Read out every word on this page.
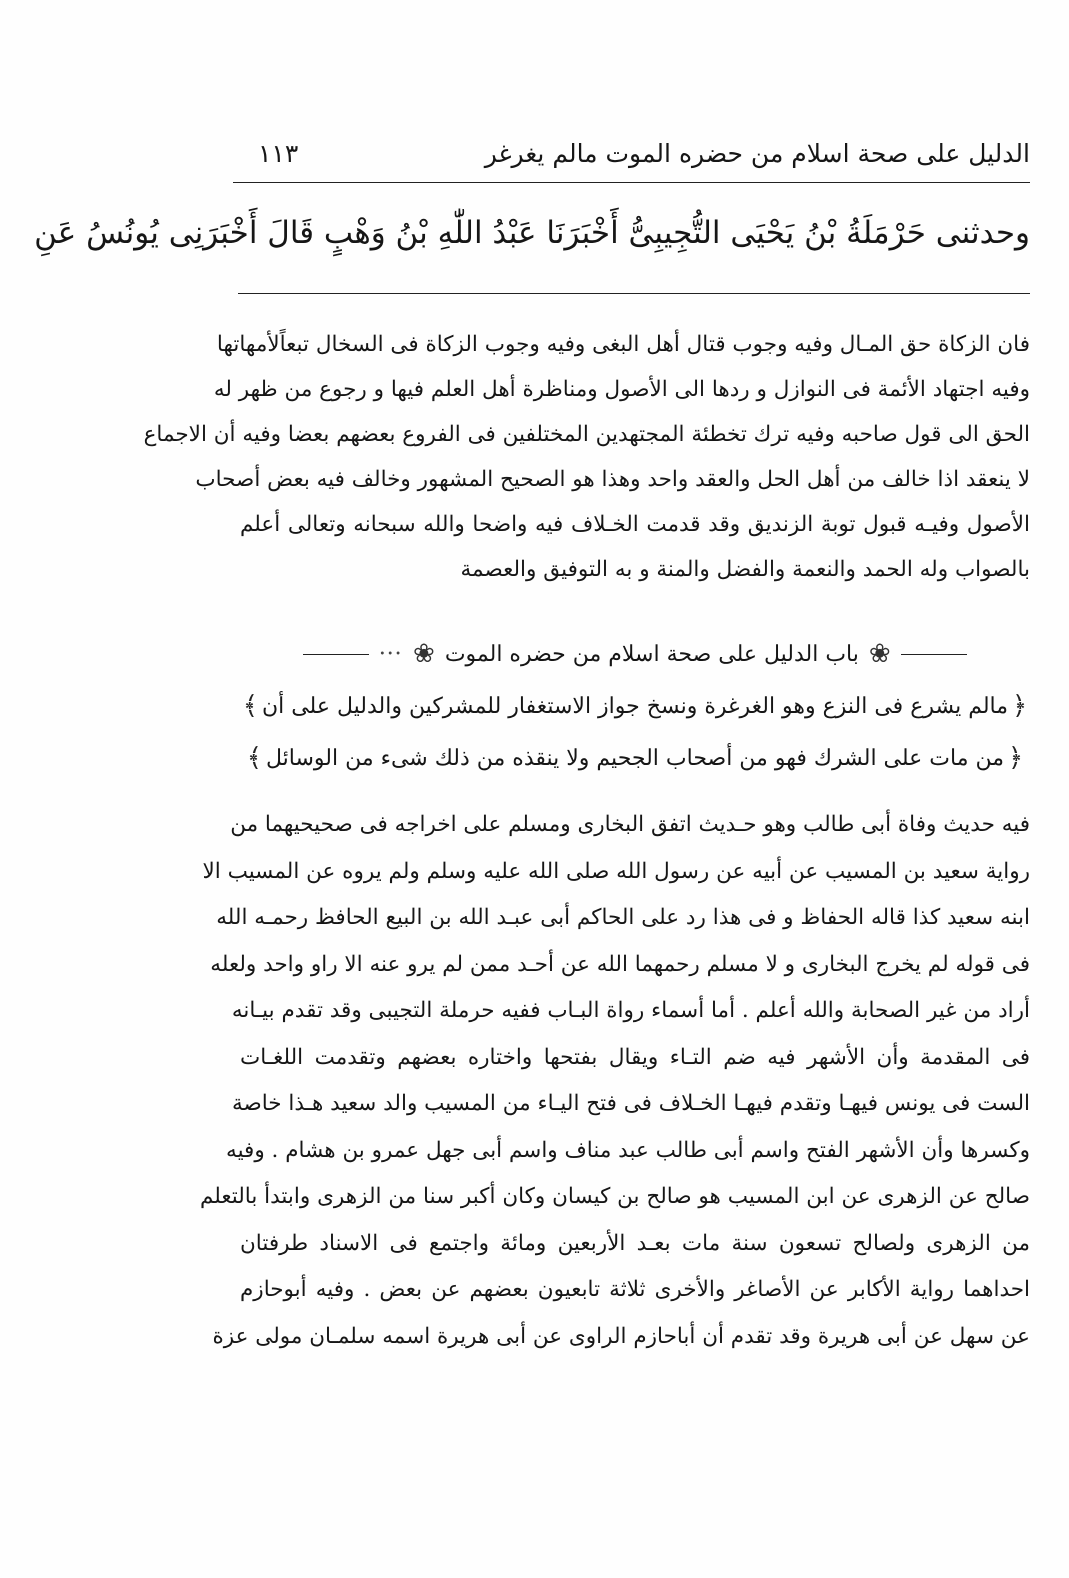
الدليل على صحة اسلام من حضره الموت مالم يغرغر
١١٣
وحدثنى حَرْمَلَةُ بْنُ يَحْيَى التُّجِيبِىُّ أَخْبَرَنَا عَبْدُ اللّٰهِ بْنُ وَهْبٍ قَالَ أَخْبَرَنِى يُونُسُ عَنِ
فان الزكاة حق المـال وفيه وجوب قتال أهل البغى وفيه وجوب الزكاة فى السخال تبعاًلأمهاتها
وفيه اجتهاد الأئمة فى النوازل و ردها الى الأصول ومناظرة أهل العلم فيها و رجوع من ظهر له
الحق الى قول صاحبه وفيه ترك تخطئة المجتهدين المختلفين فى الفروع بعضهم بعضا وفيه أن الاجماع
لا ينعقد اذا خالف من أهل الحل والعقد واحد وهذا هو الصحيح المشهور وخالف فيه بعض أصحاب
الأصول وفيـه قبول توبة الزنديق وقد قدمت الخـلاف فيه واضحا والله سبحانه وتعالى أعلم
بالصواب وله الحمد والنعمة والفضل والمنة و به التوفيق والعصمة
❀
باب الدليل على صحة اسلام من حضره الموت
❀
•••
﴿
مالم يشرع فى النزع وهو الغرغرة ونسخ جواز الاستغفار للمشركين والدليل على أن
﴾
﴿
من مات على الشرك فهو من أصحاب الجحيم ولا ينقذه من ذلك شىء من الوسائل
﴾
فيه حديث وفاة أبى طالب وهو حـديث اتفق البخارى ومسلم على اخراجه فى صحيحيهما من
رواية سعيد بن المسيب عن أبيه عن رسول الله صلى الله عليه وسلم ولم يروه عن المسيب الا
ابنه سعيد كذا قاله الحفاظ و فى هذا رد على الحاكم أبى عبـد الله بن البيع الحافظ رحمـه الله
فى قوله لم يخرج البخارى و لا مسلم رحمهما الله عن أحـد ممن لم يرو عنه الا راو واحد ولعله
أراد من غير الصحابة والله أعلم . أما أسماء رواة البـاب ففيه حرملة التجيبى وقد تقدم بيـانه
فى المقدمة وأن الأشهر فيه ضم التـاء ويقال بفتحها واختاره بعضهم وتقدمت اللغـات
الست فى يونس فيهـا وتقدم فيهـا الخـلاف فى فتح اليـاء من المسيب والد سعيد هـذا خاصة
وكسرها وأن الأشهر الفتح واسم أبى طالب عبد مناف واسم أبى جهل عمرو بن هشام . وفيه
صالح عن الزهرى عن ابن المسيب هو صالح بن كيسان وكان أكبر سنا من الزهرى وابتدأ بالتعلم
من الزهرى ولصالح تسعون سنة مات بعـد الأربعين ومائة واجتمع فى الاسناد طرفتان
احداهما رواية الأكابر عن الأصاغر والأخرى ثلاثة تابعيون بعضهم عن بعض . وفيه أبوحازم
عن سهل عن أبى هريرة وقد تقدم أن أباحازم الراوى عن أبى هريرة اسمه سلمـان مولى عزة
